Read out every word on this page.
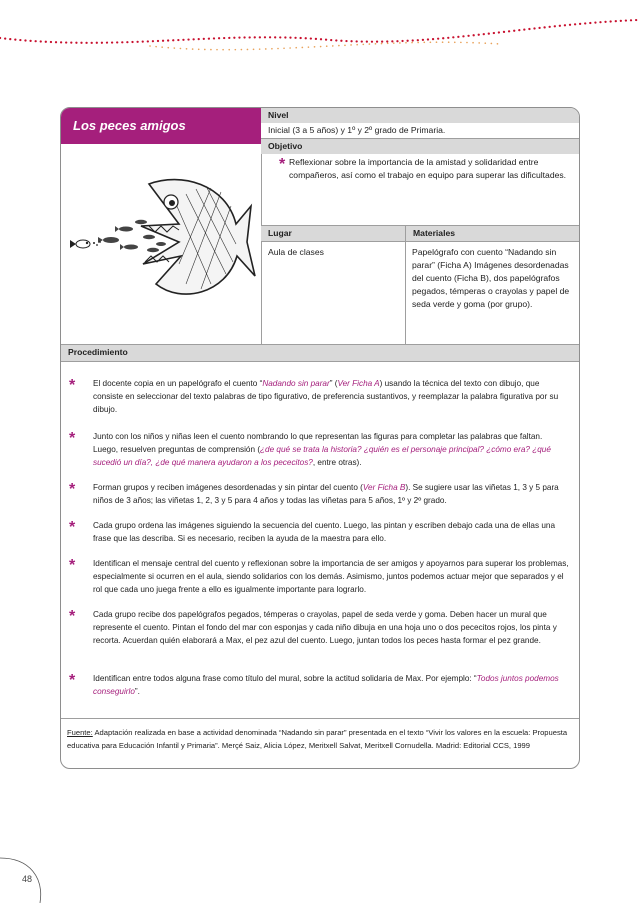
Los peces amigos
Nivel
Inicial (3 a 5 años) y 1º y 2º grado de Primaria.
Objetivo
* Reflexionar sobre la importancia de la amistad y solidaridad entre compañeros, así como el trabajo en equipo para superar las dificultades.
Lugar	Materiales
Aula de clases	Papelógrafo con cuento “Nadando sin parar” (Ficha A) Imágenes desordenadas del cuento (Ficha B), dos papelógrafos pegados, témperas o crayolas y papel de seda verde y goma (por grupo).
Procedimiento
* El docente copia en un papelógrafo el cuento “Nadando sin parar” (Ver Ficha A) usando la técnica del texto con dibujo, que consiste en seleccionar del texto palabras de tipo figurativo, de preferencia sustantivos, y reemplazar la palabra figurativa por su dibujo.
* Junto con los niños y niñas leen el cuento nombrando lo que representan las figuras para completar las palabras que faltan. Luego, resuelven preguntas de comprensión (¿de qué se trata la historia? ¿quién es el personaje principal? ¿cómo era? ¿qué sucedió un día?, ¿de qué manera ayudaron a los pececitos?, entre otras).
* Forman grupos y reciben imágenes desordenadas y sin pintar del cuento (Ver Ficha B). Se sugiere usar las viñetas 1, 3 y 5 para niños de 3 años; las viñetas 1, 2, 3 y 5 para 4 años y todas las viñetas para 5 años, 1º y 2º grado.
* Cada grupo ordena las imágenes siguiendo la secuencia del cuento. Luego, las pintan y escriben debajo cada una de ellas una frase que las describa. Si es necesario, reciben la ayuda de la maestra para ello.
* Identifican el mensaje central del cuento y reflexionan sobre la importancia de ser amigos y apoyarnos para superar los problemas, especialmente si ocurren en el aula, siendo solidarios con los demás. Asimismo, juntos podemos actuar mejor que separados y el rol que cada uno juega frente a ello es igualmente importante para lograrlo.
* Cada grupo recibe dos papelógrafos pegados, témperas o crayolas, papel de seda verde y goma. Deben hacer un mural que represente el cuento. Pintan el fondo del mar con esponjas y cada niño dibuja en una hoja uno o dos pececitos rojos, los pinta y recorta. Acuerdan quién elaborará a Max, el pez azul del cuento. Luego, juntan todos los peces hasta formar el pez grande.
* Identifican entre todos alguna frase como título del mural, sobre la actitud solidaria de Max. Por ejemplo: “Todos juntos podemos conseguirlo”.
Fuente: Adaptación realizada en base a actividad denominada “Nadando sin parar” presentada en el texto “Vivir los valores en la escuela: Propuesta educativa para Educación Infantil y Primaria”. Merçé Saiz, Alicia López, Meritxell Salvat, Meritxell Cornudella. Madrid: Editorial CCS, 1999
48
